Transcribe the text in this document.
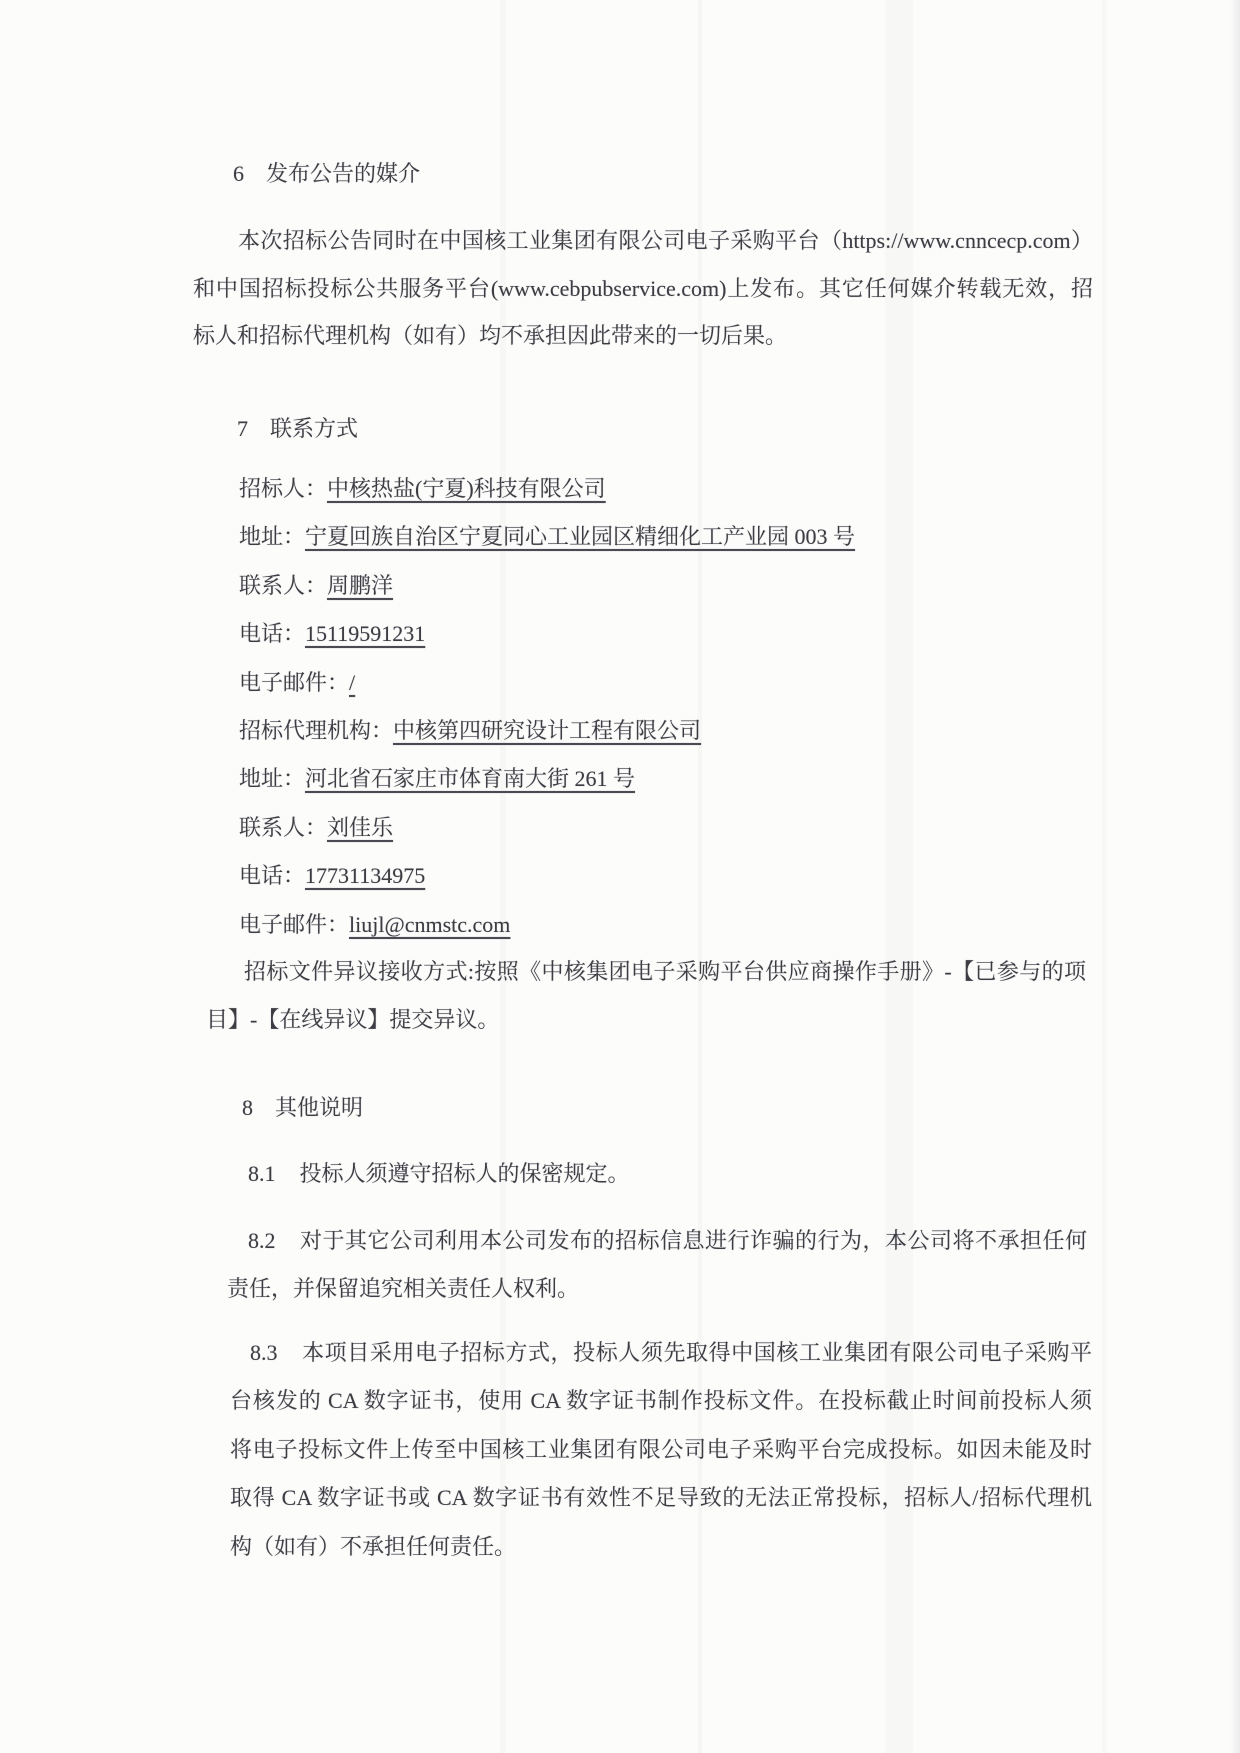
6 发布公告的媒介
本次招标公告同时在中国核工业集团有限公司电子采购平台（https://www.cnncecp.com）
和中国招标投标公共服务平台(www.cebpubservice.com)上发布。其它任何媒介转载无效，招
标人和招标代理机构（如有）均不承担因此带来的一切后果。
7 联系方式
招标人：中核热盐(宁夏)科技有限公司
地址：宁夏回族自治区宁夏同心工业园区精细化工产业园 003 号
联系人：周鹏洋
电话：15119591231
电子邮件：/
招标代理机构：中核第四研究设计工程有限公司
地址：河北省石家庄市体育南大街 261 号
联系人：刘佳乐
电话：17731134975
电子邮件：liujl@cnmstc.com
招标文件异议接收方式:按照《中核集团电子采购平台供应商操作手册》-【已参与的项
目】-【在线异议】提交异议。
8 其他说明
8.1 投标人须遵守招标人的保密规定。
8.2 对于其它公司利用本公司发布的招标信息进行诈骗的行为，本公司将不承担任何
责任，并保留追究相关责任人权利。
8.3 本项目采用电子招标方式，投标人须先取得中国核工业集团有限公司电子采购平
台核发的 CA 数字证书，使用 CA 数字证书制作投标文件。在投标截止时间前投标人须
将电子投标文件上传至中国核工业集团有限公司电子采购平台完成投标。如因未能及时
取得 CA 数字证书或 CA 数字证书有效性不足导致的无法正常投标，招标人/招标代理机
构（如有）不承担任何责任。
